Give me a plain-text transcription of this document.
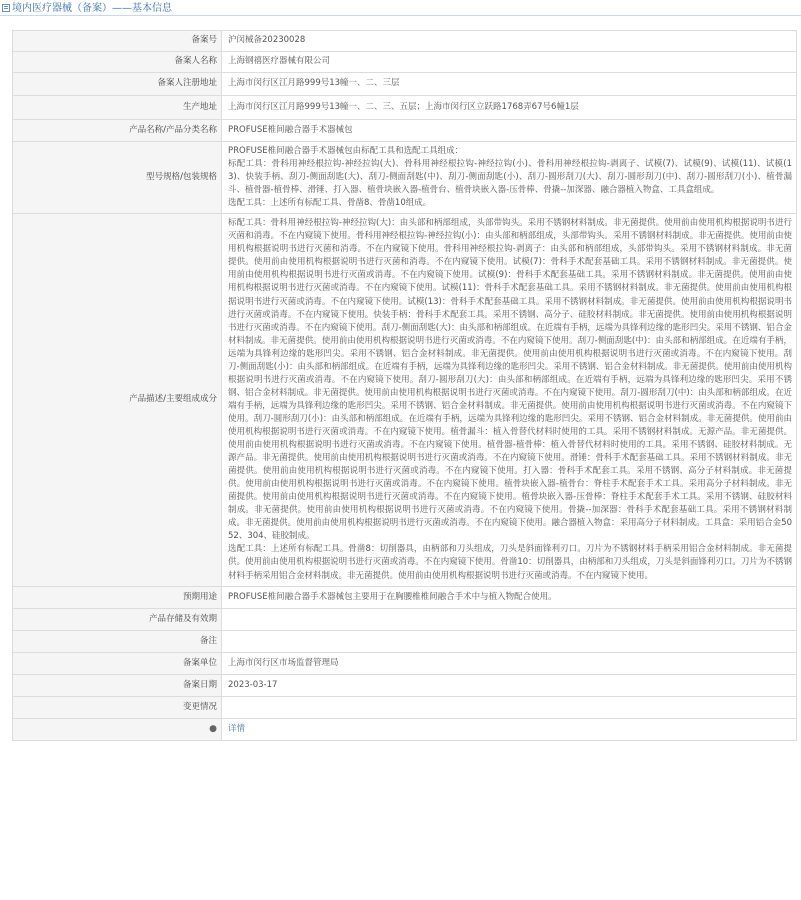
境内医疗器械（备案）——基本信息
备案号	沪闵械备20230028
备案人名称	上海钢禧医疗器械有限公司
备案人注册地址	上海市闵行区江月路999号13幢一、二、三层
生产地址	上海市闵行区江月路999号13幢一、二、三、五层；上海市闵行区立跃路1768弄67号6幢1层
产品名称/产品分类名称	PROFUSE椎间融合器手术器械包
型号规格/包装规格	PROFUSE椎间融合器手术器械包由标配工具和选配工具组成：
标配工具：骨科用神经根拉钩-神经拉钩(大)、骨科用神经根拉钩-神经拉钩(小)、骨科用神经根拉钩-剥离子、试模(7)、试模(9)、试模(11)、试模(13)、快装手柄、刮刀-侧面刮匙(大)、刮刀-侧面刮匙(中)、刮刀-侧面刮匙(小)、刮刀-圆形刮刀(大)、刮刀-圆形刮刀(中)、刮刀-圆形刮刀(小)、植骨漏斗、植骨器-植骨棒、滑锤、打入器、植骨块嵌入器-植骨台、植骨块嵌入器-压骨棒、骨撬--加深器、融合器植入物盒、工具盒组成。
选配工具：上述所有标配工具、骨凿8、骨凿10组成。
产品描述/主要组成成分	标配工具：骨科用神经根拉钩-神经拉钩(大)：由头部和柄部组成，头部带钩头。采用不锈钢材料制成。非无菌提供。使用前由使用机构根据说明书进行灭菌和消毒。不在内窥镜下使用。骨科用神经根拉钩-神经拉钩(小)：由头部和柄部组成，头部带钩头。采用不锈钢材料制成。非无菌提供。使用前由使用机构根据说明书进行灭菌和消毒。不在内窥镜下使用。骨科用神经根拉钩-剥离子：由头部和柄部组成，头部带钩头。采用不锈钢材料制成。非无菌提供。使用前由使用机构根据说明书进行灭菌和消毒。不在内窥镜下使用。试模(7)：骨科手术配套基础工具。采用不锈钢材料制成。非无菌提供。使用前由使用机构根据说明书进行灭菌或消毒。不在内窥镜下使用。试模(9)：骨科手术配套基础工具。采用不锈钢材料制成。非无菌提供。使用前由使用机构根据说明书进行灭菌或消毒。不在内窥镜下使用。试模(11)：骨科手术配套基础工具。采用不锈钢材料制成。非无菌提供。使用前由使用机构根据说明书进行灭菌或消毒。不在内窥镜下使用。试模(13)：骨科手术配套基础工具。采用不锈钢材料制成。非无菌提供。使用前由使用机构根据说明书进行灭菌或消毒。不在内窥镜下使用。快装手柄：骨科手术配套工具。采用不锈钢、高分子、硅胶材料制成。非无菌提供。使用前由使用机构根据说明书进行灭菌或消毒。不在内窥镜下使用。刮刀-侧面刮匙(大)：由头部和柄部组成。在近端有手柄，远端为具锋利边缘的匙形凹尖。采用不锈钢、铝合金材料制成。非无菌提供。使用前由使用机构根据说明书进行灭菌或消毒。不在内窥镜下使用。刮刀-侧面刮匙(中)：由头部和柄部组成。在近端有手柄，远端为具锋利边缘的匙形凹尖。采用不锈钢、铝合金材料制成。非无菌提供。使用前由使用机构根据说明书进行灭菌或消毒。不在内窥镜下使用。刮刀-侧面刮匙(小)：由头部和柄部组成。在近端有手柄，远端为具锋利边缘的匙形凹尖。采用不锈钢、铝合金材料制成。非无菌提供。使用前由使用机构根据说明书进行灭菌或消毒。不在内窥镜下使用。刮刀-圆形刮刀(大)：由头部和柄部组成。在近端有手柄，远端为具锋利边缘的匙形凹尖。采用不锈钢、铝合金材料制成。非无菌提供。使用前由使用机构根据说明书进行灭菌或消毒。不在内窥镜下使用。刮刀-圆形刮刀(中)：由头部和柄部组成。在近端有手柄，远端为具锋利边缘的匙形凹尖。采用不锈钢、铝合金材料制成。非无菌提供。使用前由使用机构根据说明书进行灭菌或消毒。不在内窥镜下使用。刮刀-圆形刮刀(小)：由头部和柄部组成。在近端有手柄，远端为具锋利边缘的匙形凹尖。采用不锈钢、铝合金材料制成。非无菌提供。使用前由使用机构根据说明书进行灭菌或消毒。不在内窥镜下使用。植骨漏斗：植入骨替代材料时使用的工具。采用不锈钢材料制成。无源产品。非无菌提供。使用前由使用机构根据说明书进行灭菌或消毒。不在内窥镜下使用。植骨器-植骨棒：植入骨替代材料时使用的工具。采用不锈钢、硅胶材料制成。无源产品。非无菌提供。使用前由使用机构根据说明书进行灭菌或消毒。不在内窥镜下使用。滑锤：骨科手术配套基础工具。采用不锈钢材料制成。非无菌提供。使用前由使用机构根据说明书进行灭菌或消毒。不在内窥镜下使用。打入器：骨科手术配套工具。采用不锈钢、高分子材料制成。非无菌提供。使用前由使用机构根据说明书进行灭菌或消毒。不在内窥镜下使用。植骨块嵌入器-植骨台：脊柱手术配套手术工具。采用高分子材料制成。非无菌提供。使用前由使用机构根据说明书进行灭菌或消毒。不在内窥镜下使用。植骨块嵌入器-压骨棒：脊柱手术配套手术工具。采用不锈钢、硅胶材料制成。非无菌提供。使用前由使用机构根据说明书进行灭菌或消毒。不在内窥镜下使用。骨撬--加深器：骨科手术配套基础工具。采用不锈钢材料制成。非无菌提供。使用前由使用机构根据说明书进行灭菌或消毒。不在内窥镜下使用。融合器植入物盒：采用高分子材料制成。工具盒：采用铝合金5052、304、硅胶制成。
选配工具：上述所有标配工具。骨凿8：切削器具，由柄部和刀头组成，刀头是斜面锋利刃口。刀片为不锈钢材料手柄采用铝合金材料制成。非无菌提供。使用前由使用机构根据说明书进行灭菌或消毒。不在内窥镜下使用。骨凿10：切削器具，由柄部和刀头组成，刀头是斜面锋利刃口。刀片为不锈钢材料手柄采用铝合金材料制成。非无菌提供。使用前由使用机构根据说明书进行灭菌或消毒。不在内窥镜下使用。
预期用途	PROFUSE椎间融合器手术器械包主要用于在胸腰椎椎间融合手术中与植入物配合使用。
产品存储及有效期	
备注	
备案单位	上海市闵行区市场监督管理局
备案日期	2023-03-17
变更情况	
●	详情
